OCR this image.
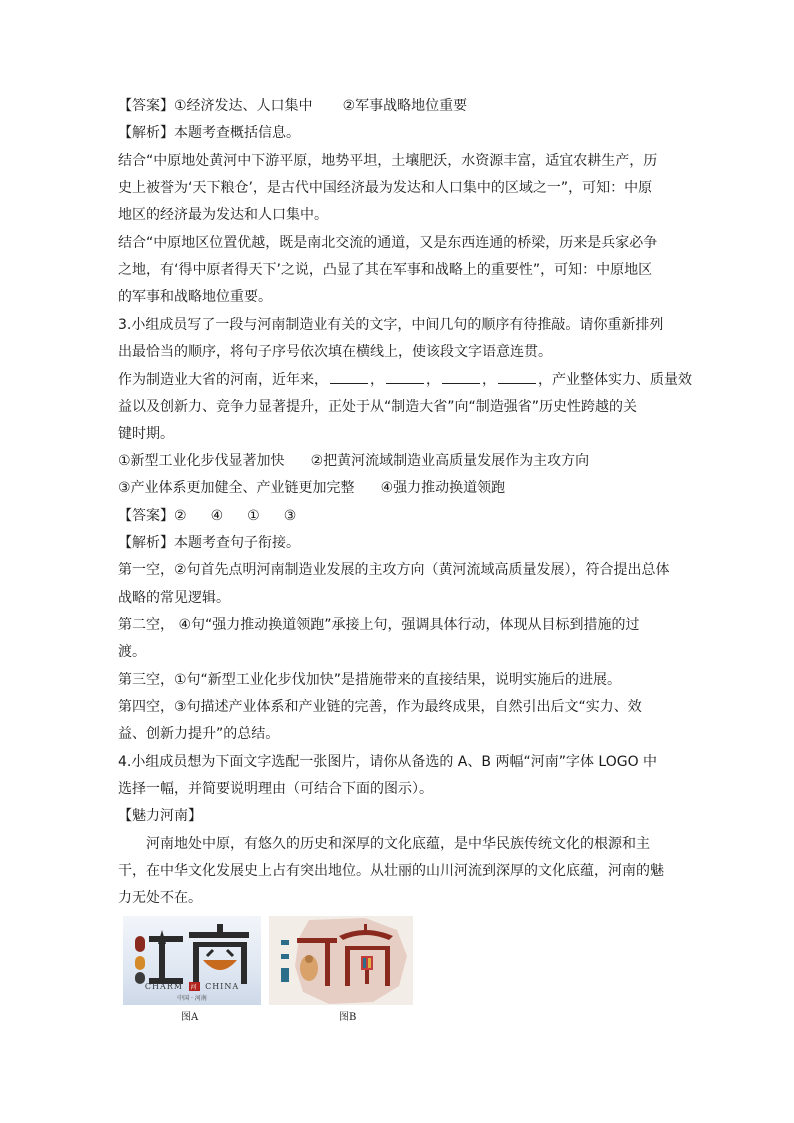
【答案】①经济发达、人口集中 ②军事战略地位重要
【解析】本题考查概括信息。
结合“中原地处黄河中下游平原，地势平坦，土壤肥沃，水资源丰富，适宜农耕生产，历
史上被誉为‘天下粮仓’，是古代中国经济最为发达和人口集中的区域之一”，可知：中原
地区的经济最为发达和人口集中。
结合“中原地区位置优越，既是南北交流的通道，又是东西连通的桥梁，历来是兵家必争
之地，有‘得中原者得天下’之说，凸显了其在军事和战略上的重要性”，可知：中原地区
的军事和战略地位重要。
3.小组成员写了一段与河南制造业有关的文字，中间几句的顺序有待推敲。请你重新排列
出最恰当的顺序，将句子序号依次填在横线上，使该段文字语意连贯。
作为制造业大省的河南，近年来，	，	，	，	，产业整体实力、质量效
益以及创新力、竞争力显著提升，正处于从“制造大省”向“制造强省”历史性跨越的关
键时期。
①新型工业化步伐显著加快 ②把黄河流域制造业高质量发展作为主攻方向
③产业体系更加健全、产业链更加完整 ④强力推动换道领跑
【答案】② ④ ① ③
【解析】本题考查句子衔接。
第一空，②句首先点明河南制造业发展的主攻方向（黄河流域高质量发展），符合提出总体
战略的常见逻辑。
第二空， ④句“强力推动换道领跑”承接上句，强调具体行动，体现从目标到措施的过
渡。
第三空，①句“新型工业化步伐加快”是措施带来的直接结果，说明实施后的进展。
第四空，③句描述产业体系和产业链的完善，作为最终成果，自然引出后文“实力、效
益、创新力提升”的总结。
4.小组成员想为下面文字选配一张图片，请你从备选的 A、B 两幅“河南”字体 LOGO 中
选择一幅，并简要说明理由（可结合下面的图示）。
【魅力河南】
河南地处中原，有悠久的历史和深厚的文化底蕴，是中华民族传统文化的根源和主
干，在中华文化发展史上占有突出地位。从壮丽的山川河流到深厚的文化底蕴，河南的魅
力无处不在。
CHARM 河 CHINA
中国 · 河南
图A	图B
